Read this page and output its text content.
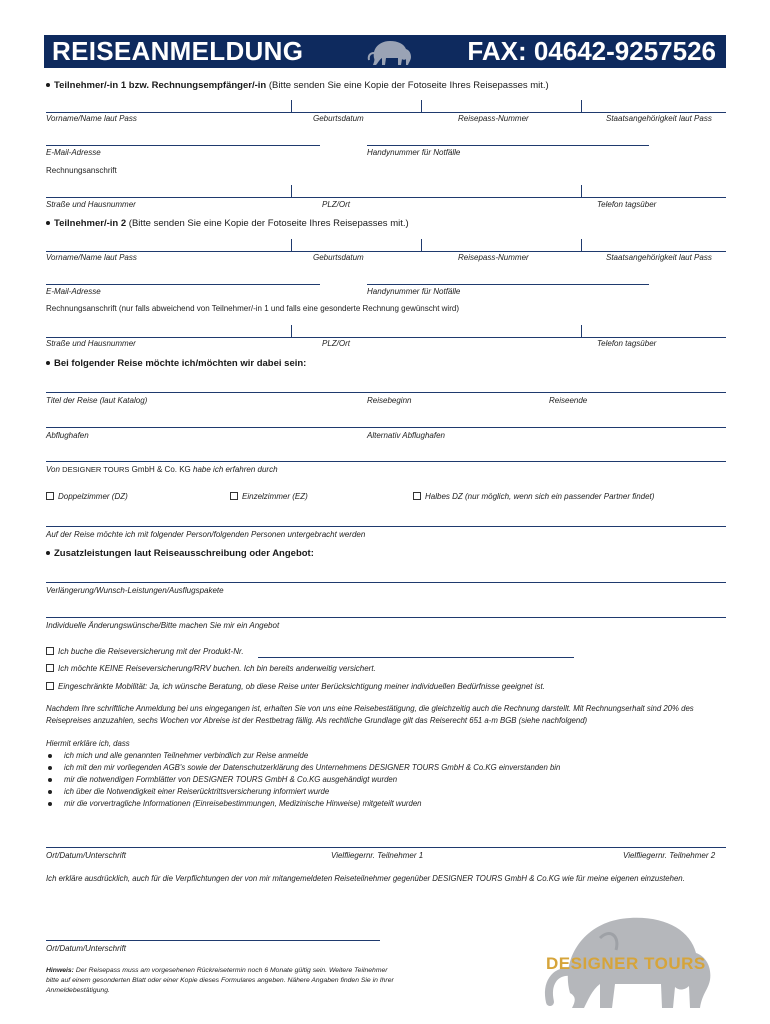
REISEANMELDUNG	FAX: 04642-9257526
Teilnehmer/-in 1 bzw. Rechnungsempfänger/-in (Bitte senden Sie eine Kopie der Fotoseite Ihres Reisepasses mit.)
Vorname/Name laut Pass	Geburtsdatum	Reisepass-Nummer	Staatsangehörigkeit laut Pass
E-Mail-Adresse	Handynummer für Notfälle
Rechnungsanschrift
Straße und Hausnummer	PLZ/Ort	Telefon tagsüber
Teilnehmer/-in 2 (Bitte senden Sie eine Kopie der Fotoseite Ihres Reisepasses mit.)
Vorname/Name laut Pass	Geburtsdatum	Reisepass-Nummer	Staatsangehörigkeit laut Pass
E-Mail-Adresse	Handynummer für Notfälle
Rechnungsanschrift (nur falls abweichend von Teilnehmer/-in 1 und falls eine gesonderte Rechnung gewünscht wird)
Straße und Hausnummer	PLZ/Ort	Telefon tagsüber
Bei folgender Reise möchte ich/möchten wir dabei sein:
Titel der Reise (laut Katalog)	Reisebeginn	Reiseende
Abflughafen	Alternativ Abflughafen
Von DESIGNER TOURS GmbH & Co. KG habe ich erfahren durch
Doppelzimmer (DZ)	Einzelzimmer (EZ)	Halbes DZ (nur möglich, wenn sich ein passender Partner findet)
Auf der Reise möchte ich mit folgender Person/folgenden Personen untergebracht werden
Zusatzleistungen laut Reiseausschreibung oder Angebot:
Verlängerung/Wunsch-Leistungen/Ausflugspakete
Individuelle Änderungswünsche/Bitte machen Sie mir ein Angebot
Ich buche die Reiseversicherung mit der Produkt-Nr.
Ich möchte KEINE Reiseversicherung/RRV buchen. Ich bin bereits anderweitig versichert.
Eingeschränkte Mobilität: Ja, ich wünsche Beratung, ob diese Reise unter Berücksichtigung meiner individuellen Bedürfnisse geeignet ist.
Nachdem Ihre schriftliche Anmeldung bei uns eingegangen ist, erhalten Sie von uns eine Reisebestätigung, die gleichzeitig auch die Rechnung darstellt. Mit Rechnungserhalt sind 20% des Reisepreises anzuzahlen, sechs Wochen vor Abreise ist der Restbetrag fällig. Als rechtliche Grundlage gilt das Reiserecht 651 a-m BGB (siehe nachfolgend)
Hiermit erkläre ich, dass
ich mich und alle genannten Teilnehmer verbindlich zur Reise anmelde
ich mit den mir vorliegenden AGB's sowie der Datenschutzerklärung des Unternehmens DESIGNER TOURS GmbH & Co.KG einverstanden bin
mir die notwendigen Formblätter von DESIGNER TOURS GmbH & Co.KG ausgehändigt wurden
ich über die Notwendigkeit einer Reiserücktrittsversicherung informiert wurde
mir die vorvertragliche Informationen (Einreisebestimmungen, Medizinische Hinweise) mitgeteilt wurden
Ort/Datum/Unterschrift	Vielfliegernr. Teilnehmer 1	Vielfliegernr. Teilnehmer 2
Ich erkläre ausdrücklich, auch für die Verpflichtungen der von mir mitangemeldeten Reiseteilnehmer gegenüber DESIGNER TOURS GmbH & Co.KG wie für meine eigenen einzustehen.
Ort/Datum/Unterschrift
Hinweis: Der Reisepass muss am vorgesehenen Rückreisetermin noch 6 Monate gültig sein. Weitere Teilnehmer bitte auf einem gesonderten Blatt oder einer Kopie dieses Formulares angeben. Nähere Angaben finden Sie in Ihrer Anmeldebestätigung.
DESIGNER TOURS
